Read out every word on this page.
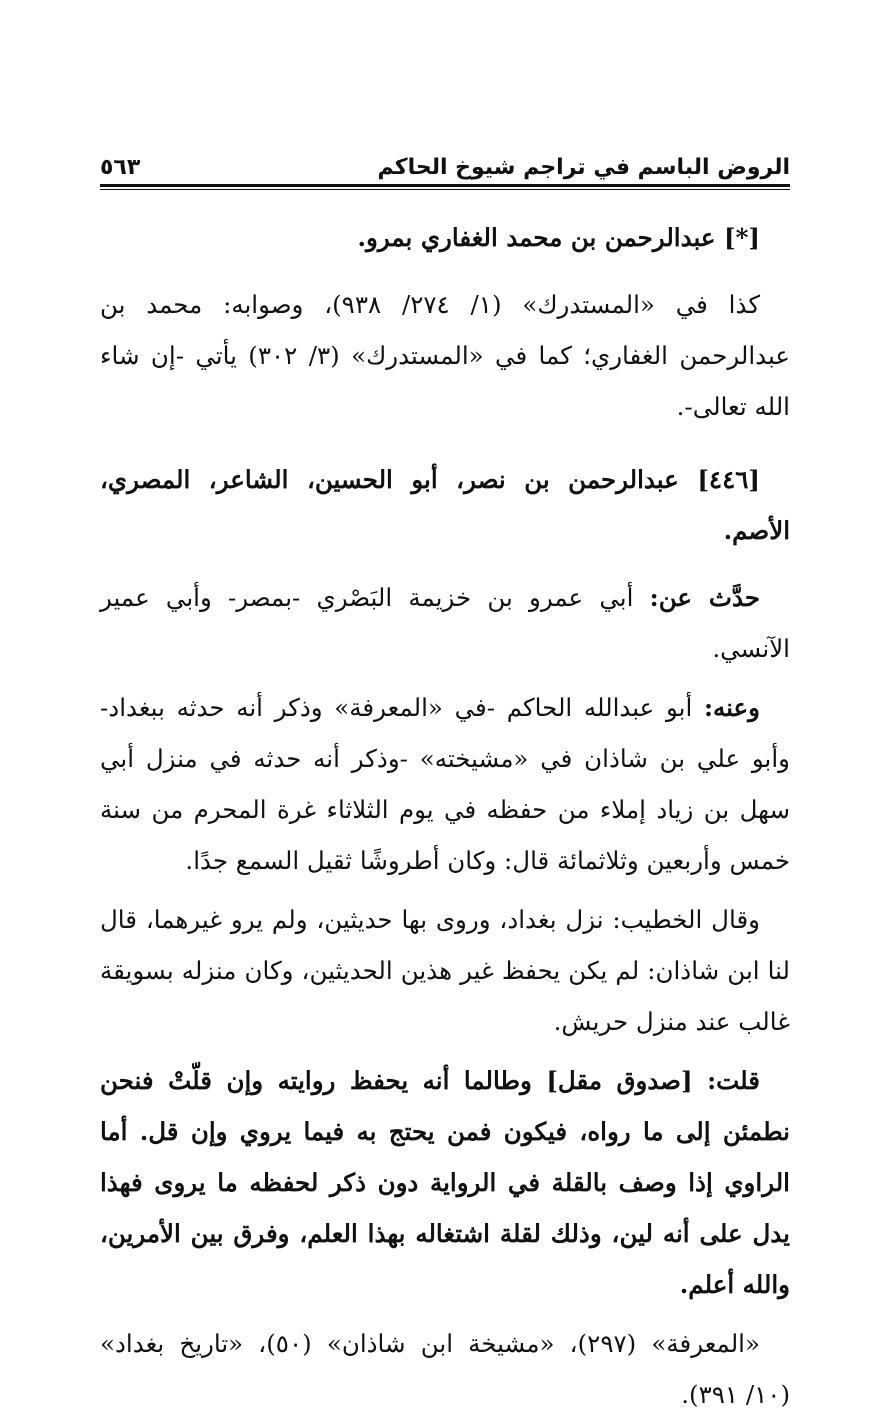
الروض الباسم في تراجم شيوخ الحاكم
٥٦٣

[*] عبدالرحمن بن محمد الغفاري بمرو.

كذا في «المستدرك» (١/ ٢٧٤/ ٩٣٨)، وصوابه: محمد بن عبدالرحمن الغفاري؛ كما في «المستدرك» (٣/ ٣٠٢) يأتي -إن شاء الله تعالى-.

[٤٤٦] عبدالرحمن بن نصر، أبو الحسين، الشاعر، المصري، الأصم.

حدَّث عن: أبي عمرو بن خزيمة البَصْري -بمصر- وأبي عمير الآنسي.

وعنه: أبو عبدالله الحاكم -في «المعرفة» وذكر أنه حدثه ببغداد- وأبو علي بن شاذان في «مشيخته» -وذكر أنه حدثه في منزل أبي سهل بن زياد إملاء من حفظه في يوم الثلاثاء غرة المحرم من سنة خمس وأربعين وثلاثمائة قال: وكان أطروشًا ثقيل السمع جدًا.

وقال الخطيب: نزل بغداد، وروى بها حديثين، ولم يرو غيرهما، قال لنا ابن شاذان: لم يكن يحفظ غير هذين الحديثين، وكان منزله بسويقة غالب عند منزل حريش.

قلت: [صدوق مقل] وطالما أنه يحفظ روايته وإن قلّتْ فنحن نطمئن إلى ما رواه، فيكون فمن يحتج به فيما يروي وإن قل. أما الراوي إذا وصف بالقلة في الرواية دون ذكر لحفظه ما يروى فهذا يدل على أنه لين، وذلك لقلة اشتغاله بهذا العلم، وفرق بين الأمرين، والله أعلم.

«المعرفة» (٢٩٧)، «مشيخة ابن شاذان» (٥٠)، «تاريخ بغداد» (١٠/ ٣٩١).
